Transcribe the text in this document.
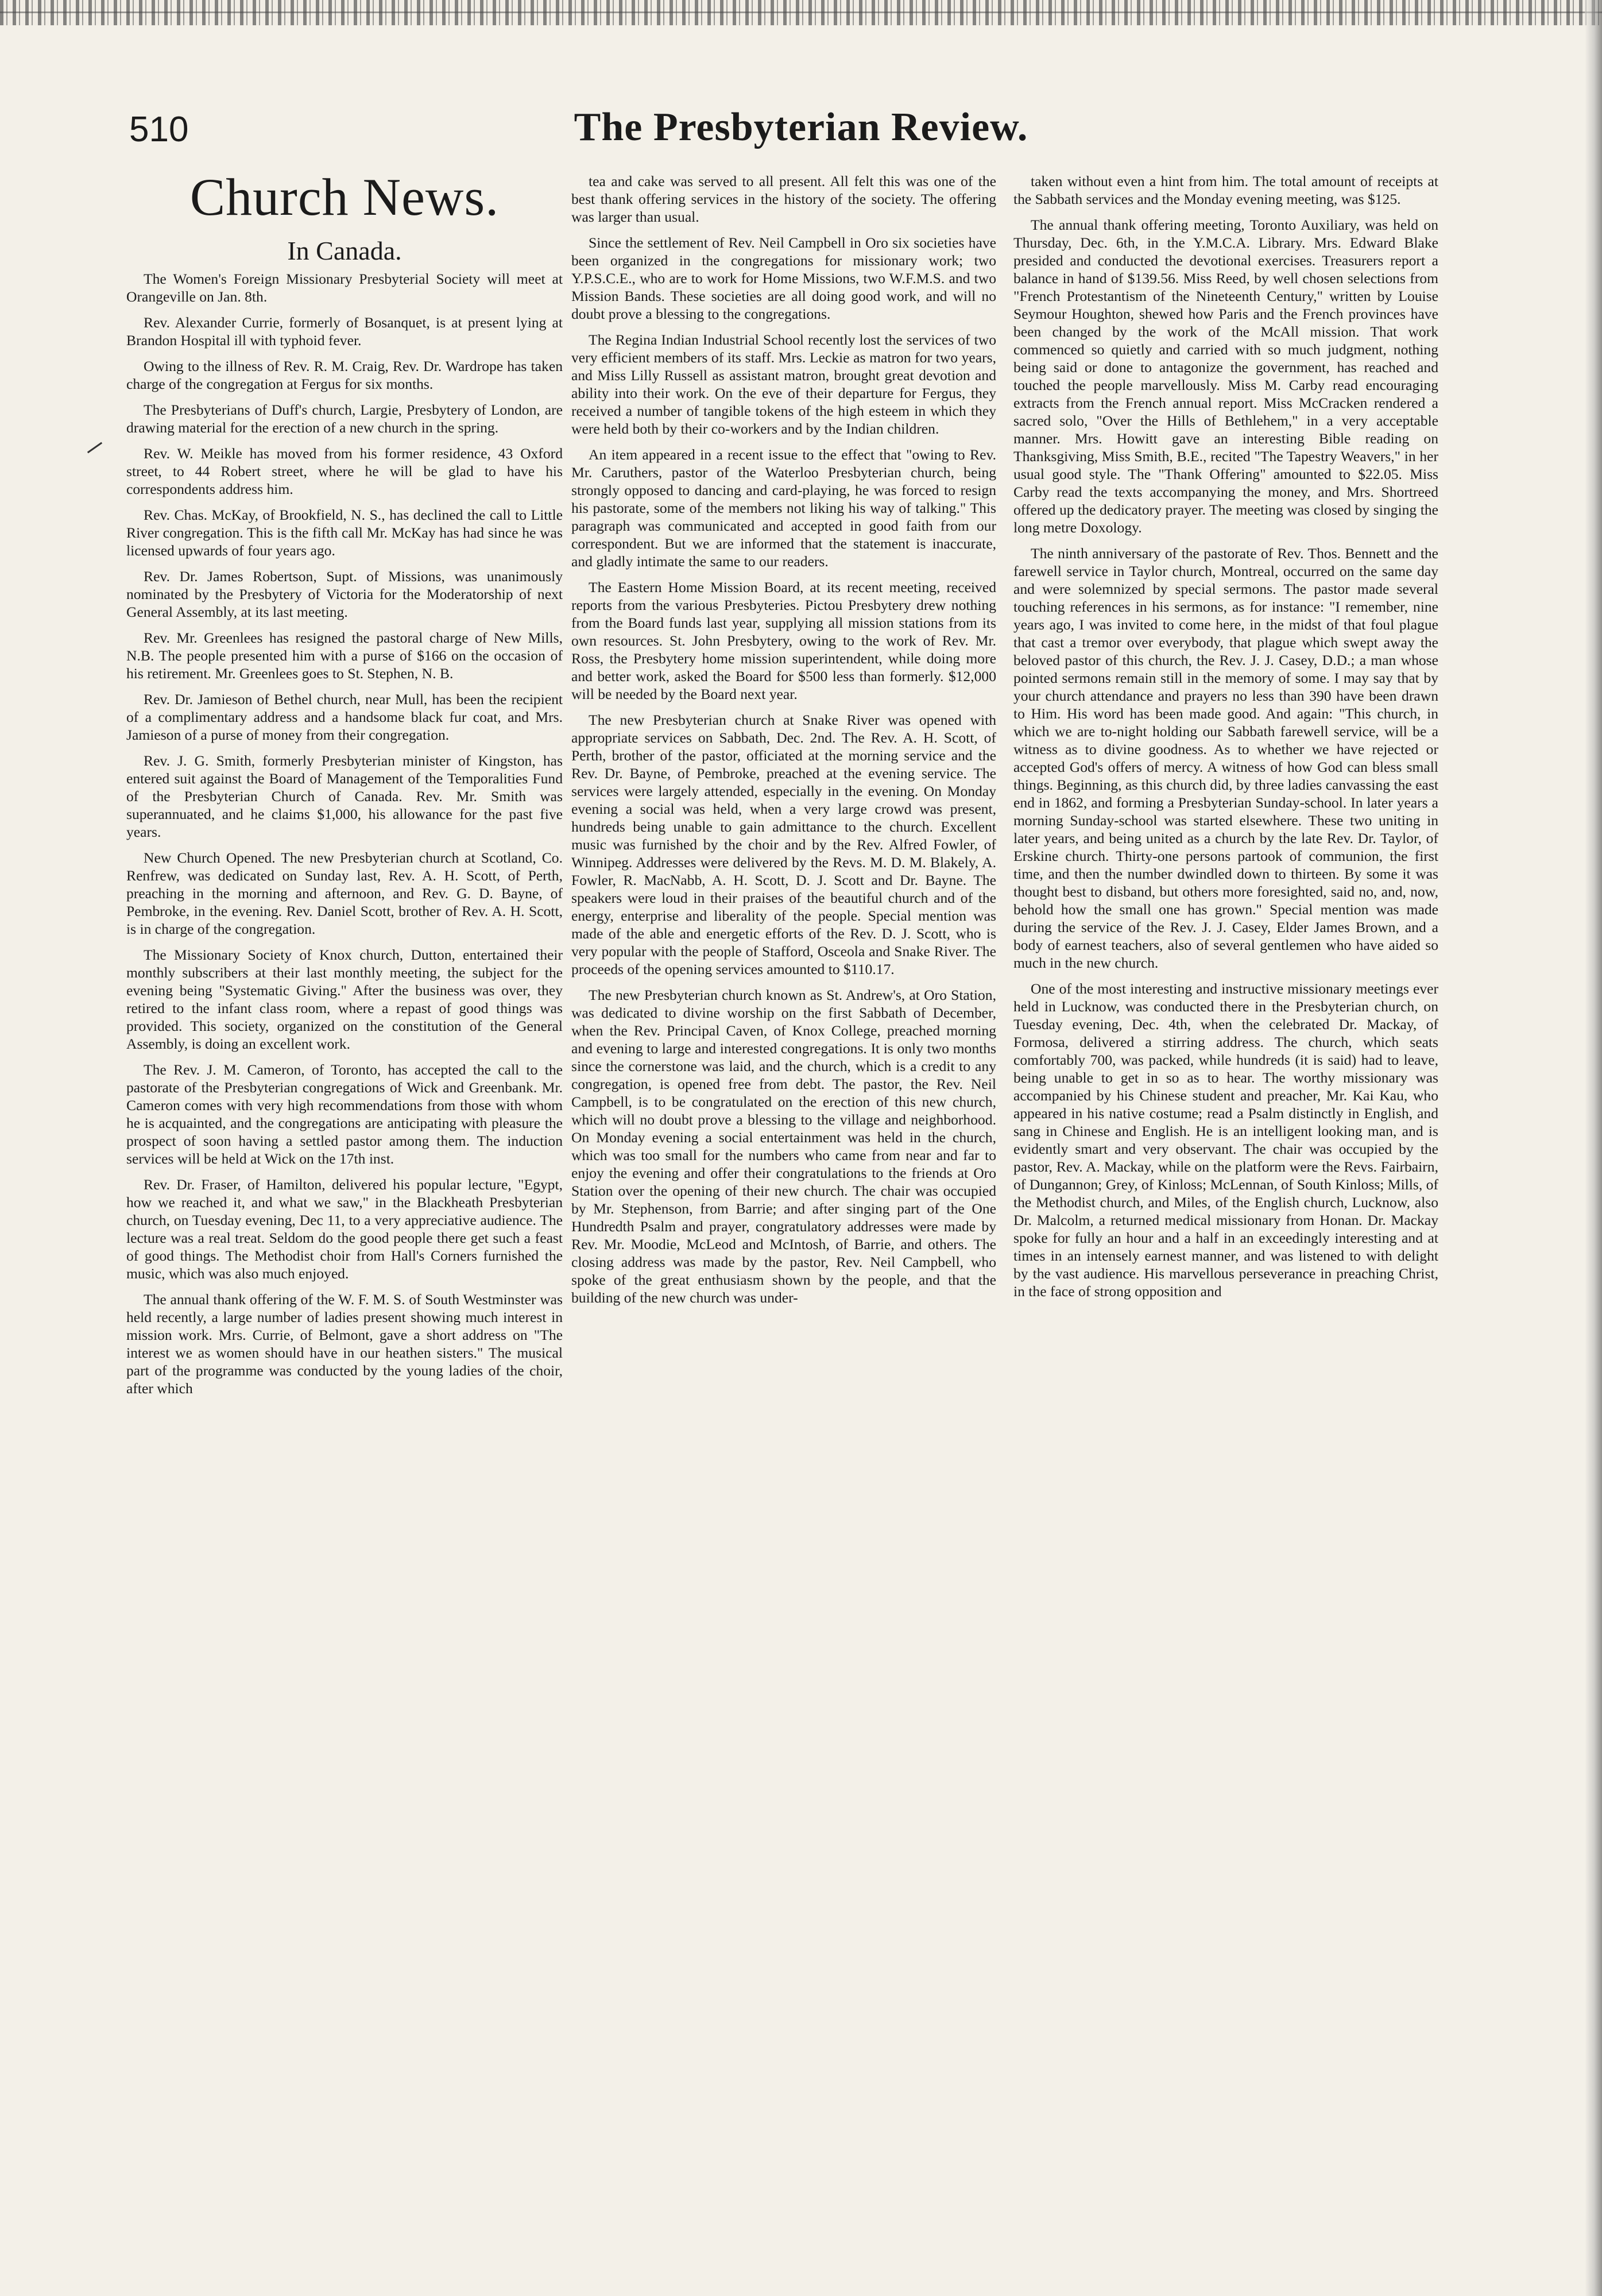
510	The Presbyterian Review.
Church News.
In Canada.

The Women's Foreign Missionary Presbyterial Society will meet at Orangeville on Jan. 8th.

Rev. Alexander Currie, formerly of Bosanquet, is at present lying at Brandon Hospital ill with typhoid fever.

Owing to the illness of Rev. R. M. Craig, Rev. Dr. Wardrope has taken charge of the congregation at Fergus for six months.

The Presbyterians of Duff's church, Largie, Presbytery of London, are drawing material for the erection of a new church in the spring.

Rev. W. Meikle has moved from his former residence, 43 Oxford street, to 44 Robert street, where he will be glad to have his correspondents address him.

Rev. Chas. McKay, of Brookfield, N. S., has declined the call to Little River congregation. This is the fifth call Mr. McKay has had since he was licensed upwards of four years ago.

Rev. Dr. James Robertson, Supt. of Missions, was unanimously nominated by the Presbytery of Victoria for the Moderatorship of next General Assembly, at its last meeting.

Rev. Mr. Greenlees has resigned the pastoral charge of New Mills, N.B. The people presented him with a purse of $166 on the occasion of his retirement. Mr. Greenlees goes to St. Stephen, N. B.

Rev. Dr. Jamieson of Bethel church, near Mull, has been the recipient of a complimentary address and a handsome black fur coat, and Mrs. Jamieson of a purse of money from their congregation.

Rev. J. G. Smith, formerly Presbyterian minister of Kingston, has entered suit against the Board of Management of the Temporalities Fund of the Presbyterian Church of Canada. Rev. Mr. Smith was superannuated, and he claims $1,000, his allowance for the past five years.

New Church Opened. The new Presbyterian church at Scotland, Co. Renfrew, was dedicated on Sunday last, Rev. A. H. Scott, of Perth, preaching in the morning and afternoon, and Rev. G. D. Bayne, of Pembroke, in the evening. Rev. Daniel Scott, brother of Rev. A. H. Scott, is in charge of the congregation.

The Missionary Society of Knox church, Dutton, entertained their monthly subscribers at their last monthly meeting, the subject for the evening being "Systematic Giving." After the business was over, they retired to the infant class room, where a repast of good things was provided. This society, organized on the constitution of the General Assembly, is doing an excellent work.

The Rev. J. M. Cameron, of Toronto, has accepted the call to the pastorate of the Presbyterian congregations of Wick and Greenbank. Mr. Cameron comes with very high recommendations from those with whom he is acquainted, and the congregations are anticipating with pleasure the prospect of soon having a settled pastor among them. The induction services will be held at Wick on the 17th inst.

Rev. Dr. Fraser, of Hamilton, delivered his popular lecture, "Egypt, how we reached it, and what we saw," in the Blackheath Presbyterian church, on Tuesday evening, Dec 11, to a very appreciative audience. The lecture was a real treat. Seldom do the good people there get such a feast of good things. The Methodist choir from Hall's Corners furnished the music, which was also much enjoyed.

The annual thank offering of the W. F. M. S. of South Westminster was held recently, a large number of ladies present showing much interest in mission work. Mrs. Currie, of Belmont, gave a short address on "The interest we as women should have in our heathen sisters." The musical part of the programme was conducted by the young ladies of the choir, after which

tea and cake was served to all present. All felt this was one of the best thank offering services in the history of the society. The offering was larger than usual.

Since the settlement of Rev. Neil Campbell in Oro six societies have been organized in the congregations for missionary work; two Y.P.S.C.E., who are to work for Home Missions, two W.F.M.S. and two Mission Bands. These societies are all doing good work, and will no doubt prove a blessing to the congregations.

The Regina Indian Industrial School recently lost the services of two very efficient members of its staff. Mrs. Leckie as matron for two years, and Miss Lilly Russell as assistant matron, brought great devotion and ability into their work. On the eve of their departure for Fergus, they received a number of tangible tokens of the high esteem in which they were held both by their co-workers and by the Indian children.

An item appeared in a recent issue to the effect that "owing to Rev. Mr. Caruthers, pastor of the Waterloo Presbyterian church, being strongly opposed to dancing and card-playing, he was forced to resign his pastorate, some of the members not liking his way of talking." This paragraph was communicated and accepted in good faith from our correspondent. But we are informed that the statement is inaccurate, and gladly intimate the same to our readers.

The Eastern Home Mission Board, at its recent meeting, received reports from the various Presbyteries. Pictou Presbytery drew nothing from the Board funds last year, supplying all mission stations from its own resources. St. John Presbytery, owing to the work of Rev. Mr. Ross, the Presbytery home mission superintendent, while doing more and better work, asked the Board for $500 less than formerly. $12,000 will be needed by the Board next year.

The new Presbyterian church at Snake River was opened with appropriate services on Sabbath, Dec. 2nd. The Rev. A. H. Scott, of Perth, brother of the pastor, officiated at the morning service and the Rev. Dr. Bayne, of Pembroke, preached at the evening service. The services were largely attended, especially in the evening. On Monday evening a social was held, when a very large crowd was present, hundreds being unable to gain admittance to the church. Excellent music was furnished by the choir and by the Rev. Alfred Fowler, of Winnipeg. Addresses were delivered by the Revs. M. D. M. Blakely, A. Fowler, R. MacNabb, A. H. Scott, D. J. Scott and Dr. Bayne. The speakers were loud in their praises of the beautiful church and of the energy, enterprise and liberality of the people. Special mention was made of the able and energetic efforts of the Rev. D. J. Scott, who is very popular with the people of Stafford, Osceola and Snake River. The proceeds of the opening services amounted to $110.17.

The new Presbyterian church known as St. Andrew's, at Oro Station, was dedicated to divine worship on the first Sabbath of December, when the Rev. Principal Caven, of Knox College, preached morning and evening to large and interested congregations. It is only two months since the cornerstone was laid, and the church, which is a credit to any congregation, is opened free from debt. The pastor, the Rev. Neil Campbell, is to be congratulated on the erection of this new church, which will no doubt prove a blessing to the village and neighborhood. On Monday evening a social entertainment was held in the church, which was too small for the numbers who came from near and far to enjoy the evening and offer their congratulations to the friends at Oro Station over the opening of their new church. The chair was occupied by Mr. Stephenson, from Barrie; and after singing part of the One Hundredth Psalm and prayer, congratulatory addresses were made by Rev. Mr. Moodie, McLeod and McIntosh, of Barrie, and others. The closing address was made by the pastor, Rev. Neil Campbell, who spoke of the great enthusiasm shown by the people, and that the building of the new church was under-

taken without even a hint from him. The total amount of receipts at the Sabbath services and the Monday evening meeting, was $125.

The annual thank offering meeting, Toronto Auxiliary, was held on Thursday, Dec. 6th, in the Y.M.C.A. Library. Mrs. Edward Blake presided and conducted the devotional exercises. Treasurers report a balance in hand of $139.56. Miss Reed, by well chosen selections from "French Protestantism of the Nineteenth Century," written by Louise Seymour Houghton, shewed how Paris and the French provinces have been changed by the work of the McAll mission. That work commenced so quietly and carried with so much judgment, nothing being said or done to antagonize the government, has reached and touched the people marvellously. Miss M. Carby read encouraging extracts from the French annual report. Miss McCracken rendered a sacred solo, "Over the Hills of Bethlehem," in a very acceptable manner. Mrs. Howitt gave an interesting Bible reading on Thanksgiving, Miss Smith, B.E., recited "The Tapestry Weavers," in her usual good style. The "Thank Offering" amounted to $22.05. Miss Carby read the texts accompanying the money, and Mrs. Shortreed offered up the dedicatory prayer. The meeting was closed by singing the long metre Doxology.

The ninth anniversary of the pastorate of Rev. Thos. Bennett and the farewell service in Taylor church, Montreal, occurred on the same day and were solemnized by special sermons. The pastor made several touching references in his sermons, as for instance: "I remember, nine years ago, I was invited to come here, in the midst of that foul plague that cast a tremor over everybody, that plague which swept away the beloved pastor of this church, the Rev. J. J. Casey, D.D.; a man whose pointed sermons remain still in the memory of some. I may say that by your church attendance and prayers no less than 390 have been drawn to Him. His word has been made good. And again: "This church, in which we are to-night holding our Sabbath farewell service, will be a witness as to divine goodness. As to whether we have rejected or accepted God's offers of mercy. A witness of how God can bless small things. Beginning, as this church did, by three ladies canvassing the east end in 1862, and forming a Presbyterian Sunday-school. In later years a morning Sunday-school was started elsewhere. These two uniting in later years, and being united as a church by the late Rev. Dr. Taylor, of Erskine church. Thirty-one persons partook of communion, the first time, and then the number dwindled down to thirteen. By some it was thought best to disband, but others more foresighted, said no, and, now, behold how the small one has grown." Special mention was made during the service of the Rev. J. J. Casey, Elder James Brown, and a body of earnest teachers, also of several gentlemen who have aided so much in the new church.

One of the most interesting and instructive missionary meetings ever held in Lucknow, was conducted there in the Presbyterian church, on Tuesday evening, Dec. 4th, when the celebrated Dr. Mackay, of Formosa, delivered a stirring address. The church, which seats comfortably 700, was packed, while hundreds (it is said) had to leave, being unable to get in so as to hear. The worthy missionary was accompanied by his Chinese student and preacher, Mr. Kai Kau, who appeared in his native costume; read a Psalm distinctly in English, and sang in Chinese and English. He is an intelligent looking man, and is evidently smart and very observant. The chair was occupied by the pastor, Rev. A. Mackay, while on the platform were the Revs. Fairbairn, of Dungannon; Grey, of Kinloss; McLennan, of South Kinloss; Mills, of the Methodist church, and Miles, of the English church, Lucknow, also Dr. Malcolm, a returned medical missionary from Honan. Dr. Mackay spoke for fully an hour and a half in an exceedingly interesting and at times in an intensely earnest manner, and was listened to with delight by the vast audience. His marvellous perseverance in preaching Christ, in the face of strong opposition and
